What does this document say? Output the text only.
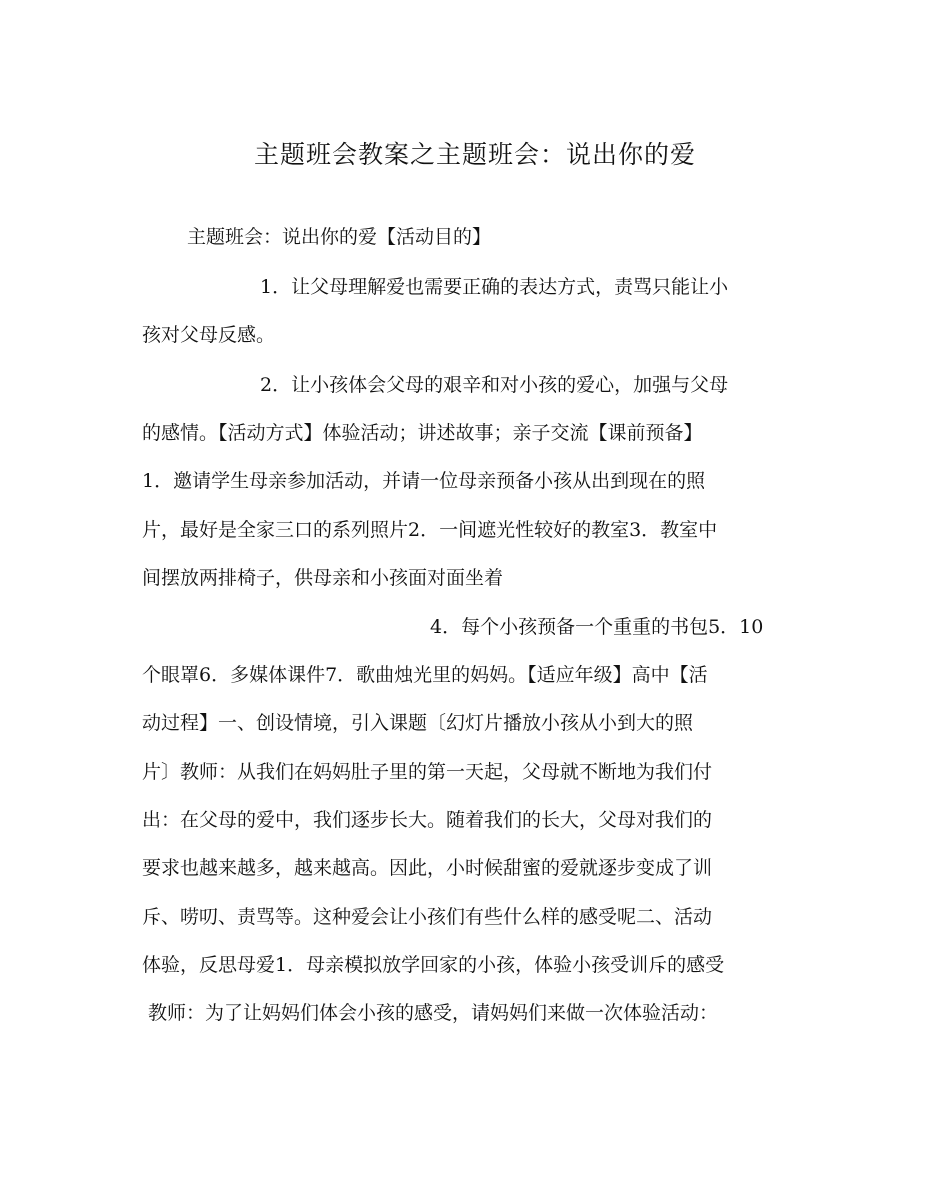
主题班会教案之主题班会：说出你的爱
主题班会：说出你的爱【活动目的】
1．让父母理解爱也需要正确的表达方式，责骂只能让小
孩对父母反感。
2．让小孩体会父母的艰辛和对小孩的爱心，加强与父母
的感情。【活动方式】体验活动；讲述故事；亲子交流【课前预备】
1．邀请学生母亲参加活动，并请一位母亲预备小孩从出到现在的照
片，最好是全家三口的系列照片2．一间遮光性较好的教室3．教室中
间摆放两排椅子，供母亲和小孩面对面坐着
4．每个小孩预备一个重重的书包5．10
个眼罩6．多媒体课件7．歌曲烛光里的妈妈。【适应年级】高中【活
动过程】一、创设情境，引入课题〔幻灯片播放小孩从小到大的照
片〕教师：从我们在妈妈肚子里的第一天起，父母就不断地为我们付
出：在父母的爱中，我们逐步长大。随着我们的长大，父母对我们的
要求也越来越多，越来越高。因此，小时候甜蜜的爱就逐步变成了训
斥、唠叨、责骂等。这种爱会让小孩们有些什么样的感受呢二、活动
体验，反思母爱1．母亲模拟放学回家的小孩，体验小孩受训斥的感受
教师：为了让妈妈们体会小孩的感受，请妈妈们来做一次体验活动：
